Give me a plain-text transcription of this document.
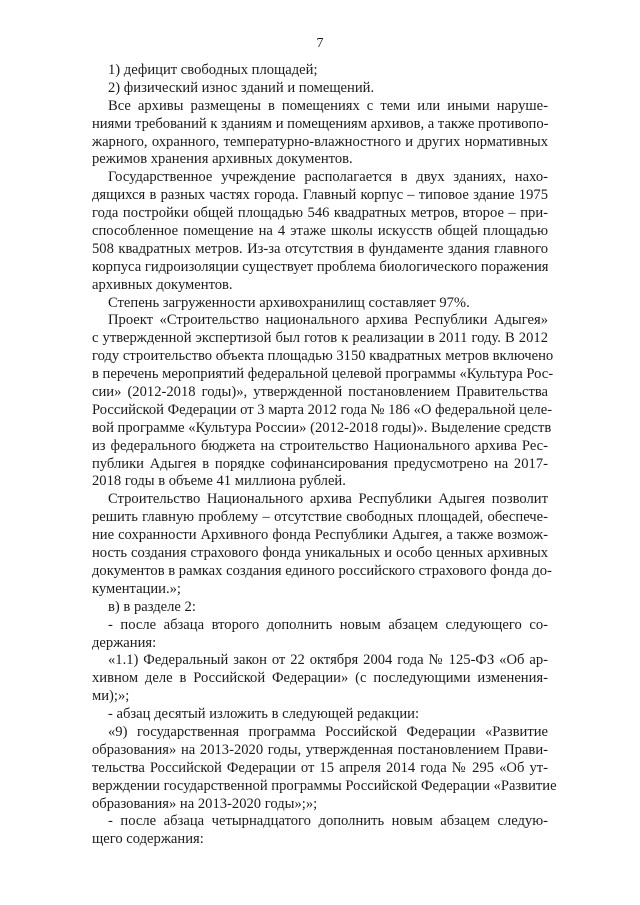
7
1) дефицит свободных площадей;
2) физический износ зданий и помещений.
Все архивы размещены в помещениях с теми или иными наруше-
ниями требований к зданиям и помещениям архивов, а также противопо-
жарного, охранного, температурно-влажностного и других нормативных
режимов хранения архивных документов.
Государственное учреждение располагается в двух зданиях, нахо-
дящихся в разных частях города. Главный корпус – типовое здание 1975
года постройки общей площадью 546 квадратных метров, второе – при-
способленное помещение на 4 этаже школы искусств общей площадью
508 квадратных метров. Из-за отсутствия в фундаменте здания главного
корпуса гидроизоляции существует проблема биологического поражения
архивных документов.
Степень загруженности архивохранилищ составляет 97%.
Проект «Строительство национального архива Республики Адыгея»
с утвержденной экспертизой был готов к реализации в 2011 году. В 2012
году строительство объекта площадью 3150 квадратных метров включено
в перечень мероприятий федеральной целевой программы «Культура Рос-
сии» (2012-2018 годы)», утвержденной постановлением Правительства
Российской Федерации от 3 марта 2012 года № 186 «О федеральной целе-
вой программе «Культура России» (2012-2018 годы)». Выделение средств
из федерального бюджета на строительство Национального архива Рес-
публики Адыгея в порядке софинансирования предусмотрено на 2017-
2018 годы в объеме 41 миллиона рублей.
Строительство Национального архива Республики Адыгея позволит
решить главную проблему – отсутствие свободных площадей, обеспече-
ние сохранности Архивного фонда Республики Адыгея, а также возмож-
ность создания страхового фонда уникальных и особо ценных архивных
документов в рамках создания единого российского страхового фонда до-
кументации.»;
в) в разделе 2:
- после абзаца второго дополнить новым абзацем следующего со-
держания:
«1.1) Федеральный закон от 22 октября 2004 года № 125-ФЗ «Об ар-
хивном деле в Российской Федерации» (с последующими изменения-
ми);»;
- абзац десятый изложить в следующей редакции:
«9) государственная программа Российской Федерации «Развитие
образования» на 2013-2020 годы, утвержденная постановлением Прави-
тельства Российской Федерации от 15 апреля 2014 года № 295 «Об ут-
верждении государственной программы Российской Федерации «Развитие
образования» на 2013-2020 годы»;»;
- после абзаца четырнадцатого дополнить новым абзацем следую-
щего содержания:
